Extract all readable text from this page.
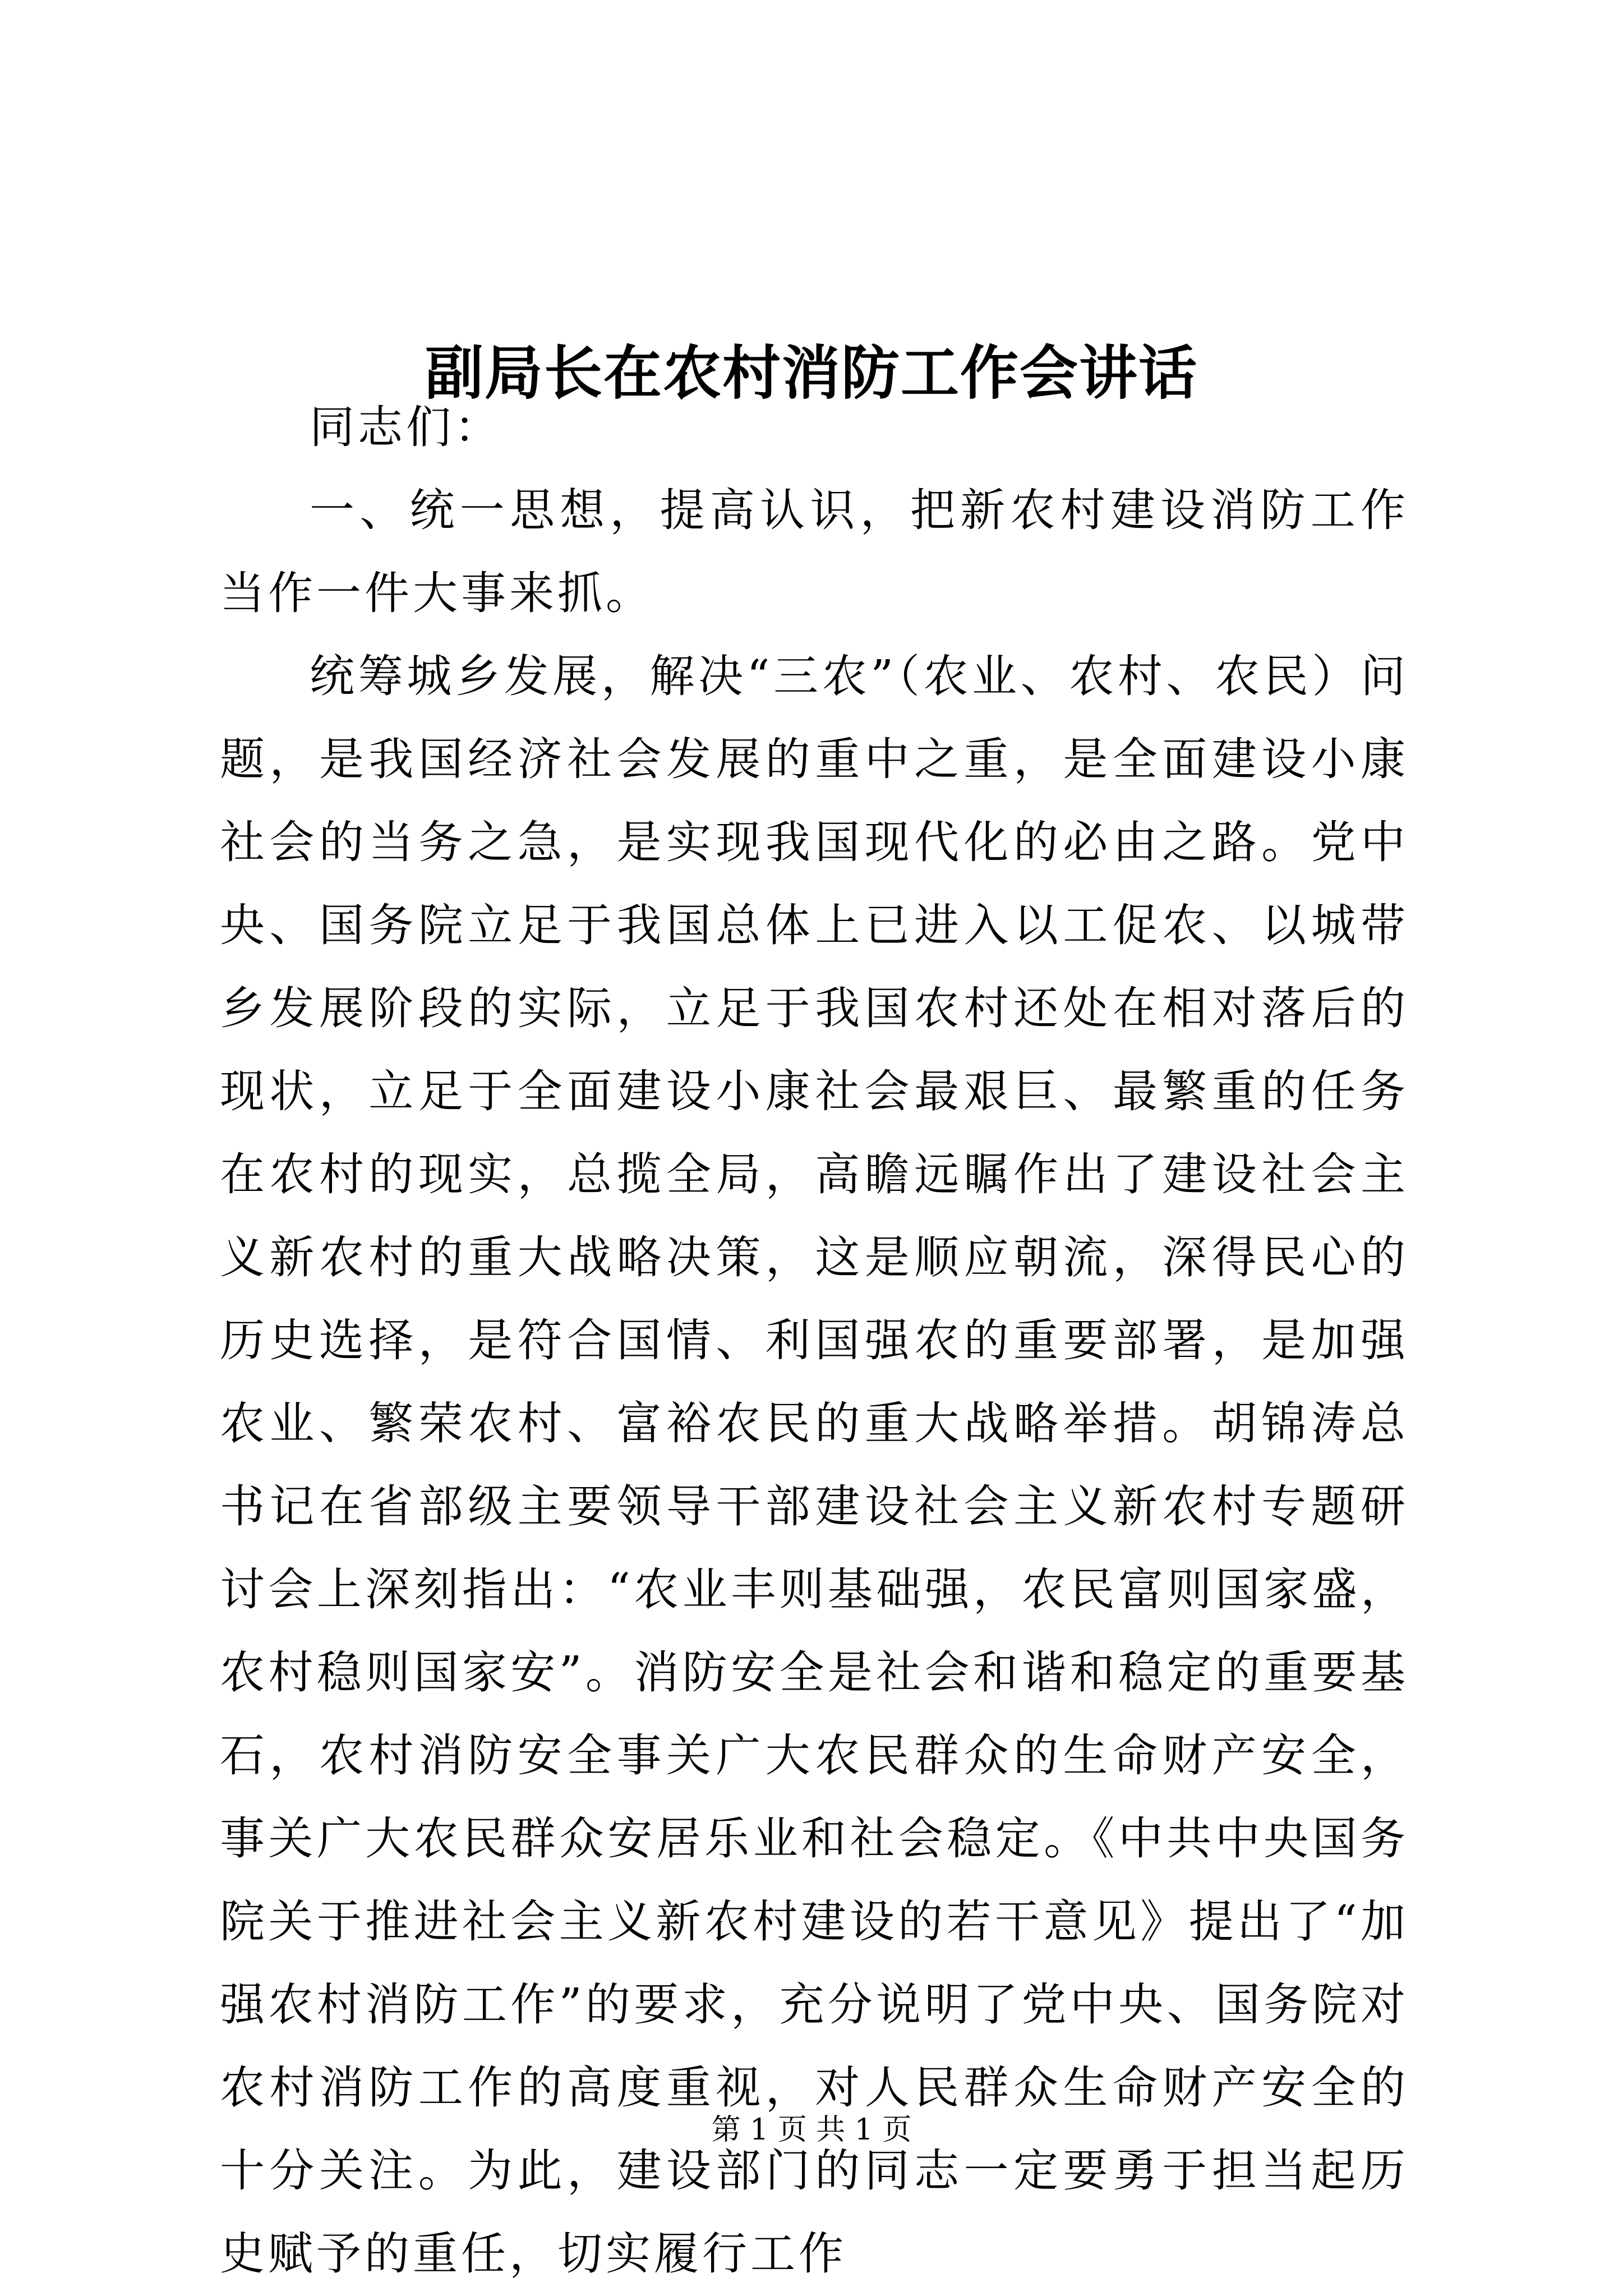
副局长在农村消防工作会讲话

同志们：

一、统一思想，提高认识，把新农村建设消防工作当作一件大事来抓。

统筹城乡发展，解决“三农”（农业、农村、农民）问题，是我国经济社会发展的重中之重，是全面建设小康社会的当务之急，是实现我国现代化的必由之路。党中央、国务院立足于我国总体上已进入以工促农、以城带乡发展阶段的实际，立足于我国农村还处在相对落后的现状，立足于全面建设小康社会最艰巨、最繁重的任务在农村的现实，总揽全局，高瞻远瞩作出了建设社会主义新农村的重大战略决策，这是顺应朝流，深得民心的历史选择，是符合国情、利国强农的重要部署，是加强农业、繁荣农村、富裕农民的重大战略举措。胡锦涛总书记在省部级主要领导干部建设社会主义新农村专题研讨会上深刻指出：“农业丰则基础强，农民富则国家盛，农村稳则国家安”。消防安全是社会和谐和稳定的重要基石，农村消防安全事关广大农民群众的生命财产安全，事关广大农民群众安居乐业和社会稳定。《中共中央国务院关于推进社会主义新农村建设的若干意见》提出了“加强农村消防工作”的要求，充分说明了党中央、国务院对农村消防工作的高度重视，对人民群众生命财产安全的十分关注。为此，建设部门的同志一定要勇于担当起历史赋予的重任，切实履行工作

第 1 页 共 1 页
